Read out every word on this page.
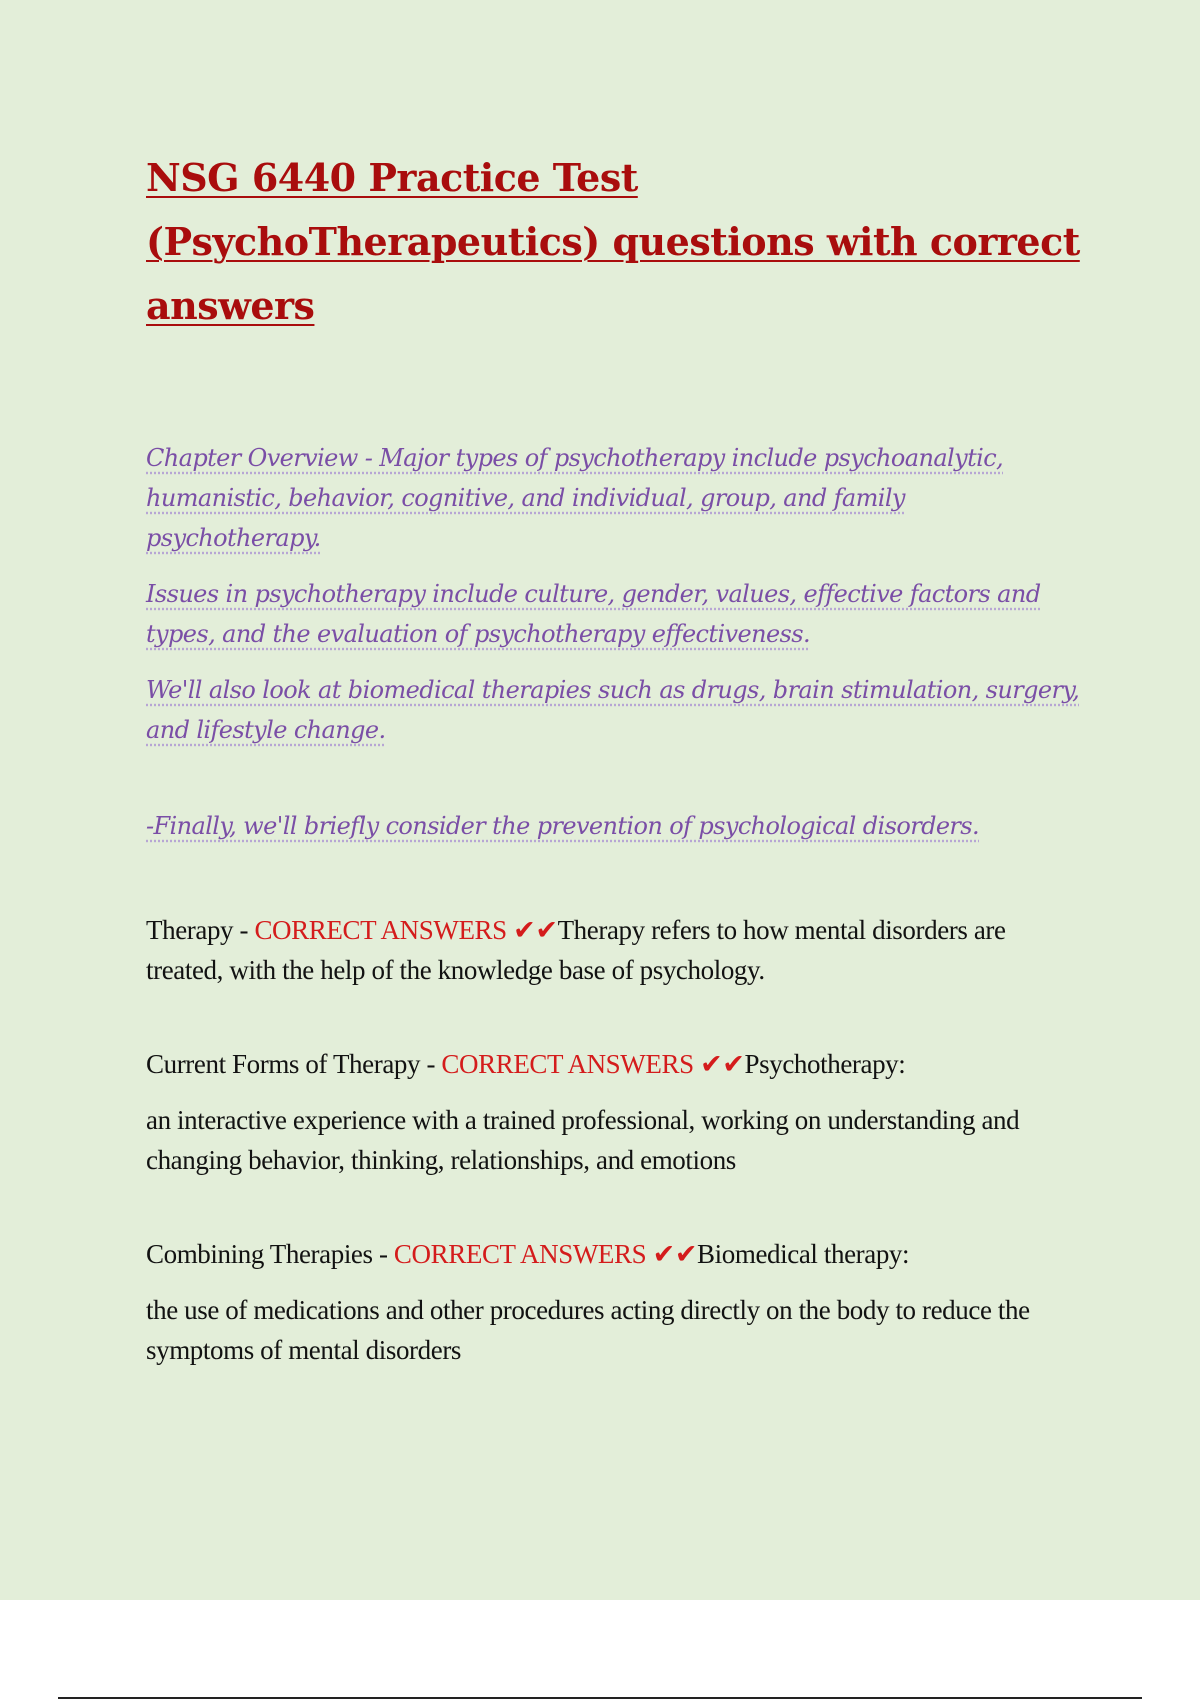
NSG 6440 Practice Test (PsychoTherapeutics) questions with correct answers

Chapter Overview - Major types of psychotherapy include psychoanalytic, humanistic, behavior, cognitive, and individual, group, and family psychotherapy.

Issues in psychotherapy include culture, gender, values, effective factors and types, and the evaluation of psychotherapy effectiveness.

We'll also look at biomedical therapies such as drugs, brain stimulation, surgery, and lifestyle change.

-Finally, we'll briefly consider the prevention of psychological disorders.

Therapy - CORRECT ANSWERS ✔✔Therapy refers to how mental disorders are treated, with the help of the knowledge base of psychology.

Current Forms of Therapy - CORRECT ANSWERS ✔✔Psychotherapy:

an interactive experience with a trained professional, working on understanding and changing behavior, thinking, relationships, and emotions

Combining Therapies - CORRECT ANSWERS ✔✔Biomedical therapy:

the use of medications and other procedures acting directly on the body to reduce the symptoms of mental disorders
